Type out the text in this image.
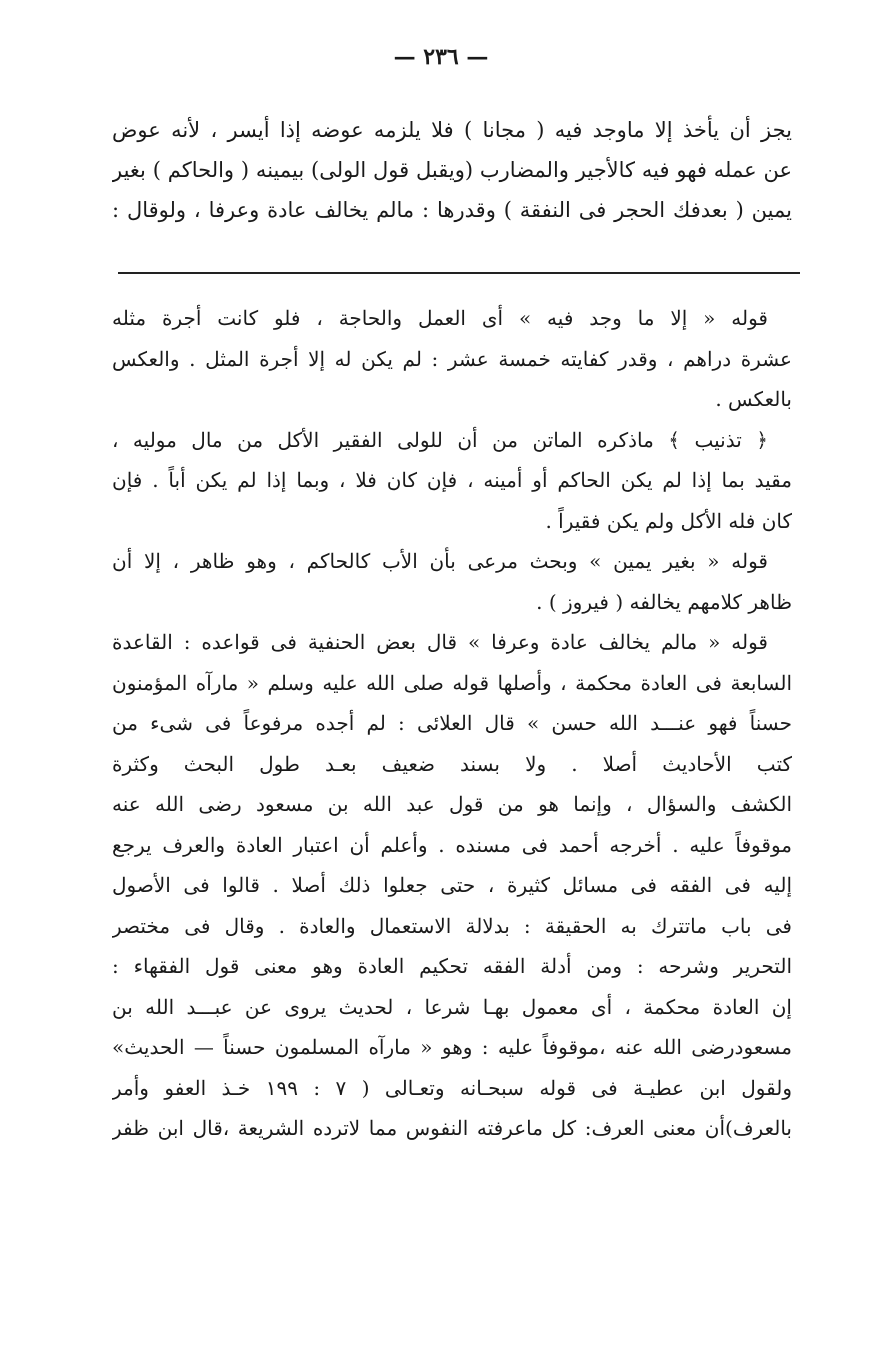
— ٢٣٦ —
يجز أن يأخذ إلا ماوجد فيه ( مجانا ) فلا يلزمه عوضه إذا أيسر ، لأنه عوض
عن عمله فهو فيه كالأجير والمضارب (ويقبل قول الولى) بيمينه ( والحاكم ) بغير
يمين ( بعدفك الحجر فى النفقة ) وقدرها : مالم يخالف عادة وعرفا ، ولوقال :

قوله « إلا ما وجد فيه » أى العمل والحاجة ، فلو كانت أجرة مثله
عشرة دراهم ، وقدر كفايته خمسة عشر : لم يكن له إلا أجرة المثل . والعكس
بالعكس .

﴿ تذنيب ﴾ ماذكره الماتن من أن للولى الفقير الأكل من مال موليه ،
مقيد بما إذا لم يكن الحاكم أو أمينه ، فإن كان فلا ، وبما إذا لم يكن أباً . فإن
كان فله الأكل ولم يكن فقيراً .

قوله « بغير يمين » وبحث مرعى بأن الأب كالحاكم ، وهو ظاهر ، إلا أن
ظاهر كلامهم يخالفه ( فيروز ) .

قوله « مالم يخالف عادة وعرفا » قال بعض الحنفية فى قواعده : القاعدة
السابعة فى العادة محكمة ، وأصلها قوله صلى الله عليه وسلم « مارآه المؤمنون
حسناً فهو عنـــد الله حسن » قال العلائى : لم أجده مرفوعاً فى شىء من
كتب الأحاديث أصلا . ولا بسند ضعيف بعـد طول البحث وكثرة
الكشف والسؤال ، وإنما هو من قول عبد الله بن مسعود رضى الله عنه
موقوفاً عليه . أخرجه أحمد فى مسنده . وأعلم أن اعتبار العادة والعرف يرجع
إليه فى الفقه فى مسائل كثيرة ، حتى جعلوا ذلك أصلا . قالوا فى الأصول
فى باب ماتترك به الحقيقة : بدلالة الاستعمال والعادة . وقال فى مختصر
التحرير وشرحه : ومن أدلة الفقه تحكيم العادة وهو معنى قول الفقهاء :
إن العادة محكمة ، أى معمول بهـا شرعا ، لحديث يروى عن عبـــد الله بن
مسعودرضى الله عنه ،موقوفاً عليه : وهو « مارآه المسلمون حسناً — الحديث»
ولقول ابن عطيـة فى قوله سبحـانه وتعـالى ( ٧ : ١٩٩ خـذ العفو وأمر
بالعرف)أن معنى العرف: كل ماعرفته النفوس مما لاترده الشريعة ،قال ابن ظفر
